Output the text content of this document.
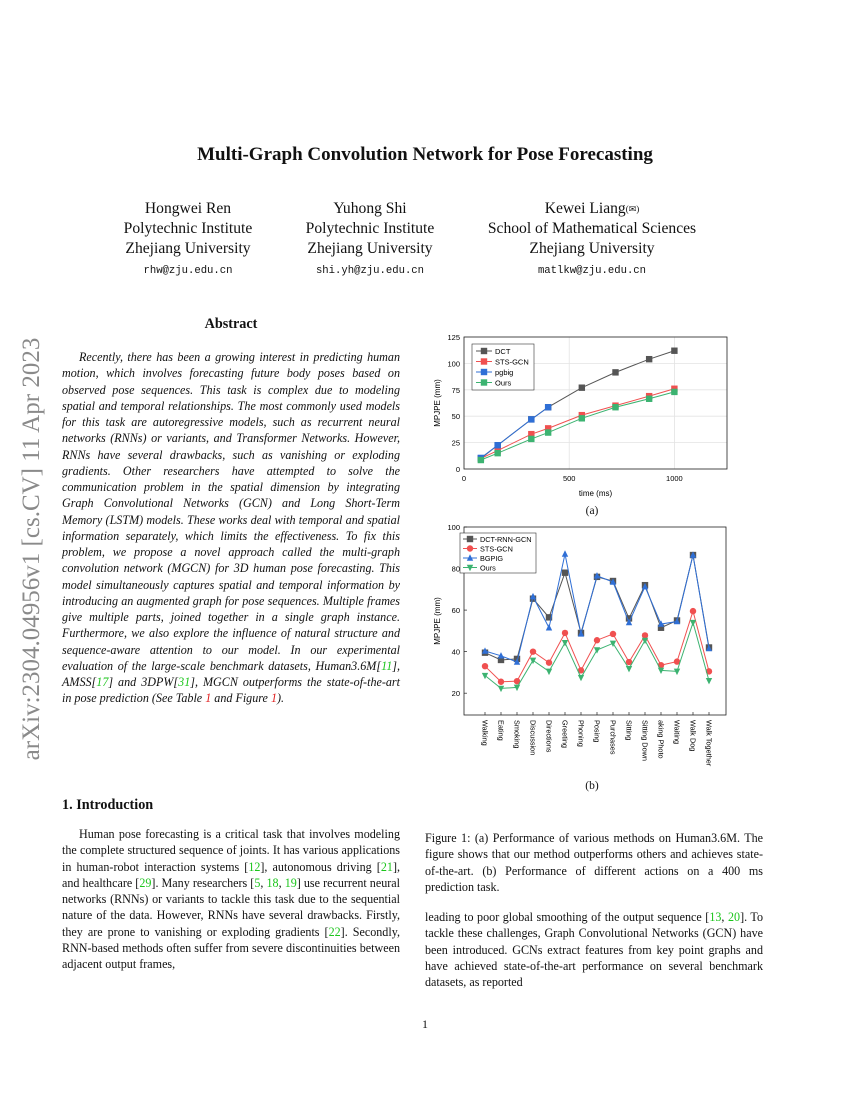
arXiv:2304.04956v1 [cs.CV] 11 Apr 2023
Multi-Graph Convolution Network for Pose Forecasting
Hongwei Ren
Polytechnic Institute
Zhejiang University
rhw@zju.edu.cn
Yuhong Shi
Polytechnic Institute
Zhejiang University
shi.yh@zju.edu.cn
Kewei Liang(✉)
School of Mathematical Sciences
Zhejiang University
matlkw@zju.edu.cn
Abstract

Recently, there has been a growing interest in predicting human motion, which involves forecasting future body poses based on observed pose sequences. This task is complex due to modeling spatial and temporal relationships. The most commonly used models for this task are autoregressive models, such as recurrent neural networks (RNNs) or variants, and Transformer Networks. However, RNNs have several drawbacks, such as vanishing or exploding gradients. Other researchers have attempted to solve the communication problem in the spatial dimension by integrating Graph Convolutional Networks (GCN) and Long Short-Term Memory (LSTM) models. These works deal with temporal and spatial information separately, which limits the effectiveness. To fix this problem, we propose a novel approach called the multi-graph convolution network (MGCN) for 3D human pose forecasting. This model simultaneously captures spatial and temporal information by introducing an augmented graph for pose sequences. Multiple frames give multiple parts, joined together in a single graph instance. Furthermore, we also explore the influence of natural structure and sequence-aware attention to our model. In our experimental evaluation of the large-scale benchmark datasets, Human3.6M[11], AMSS[17] and 3DPW[31], MGCN outperforms the state-of-the-art in pose prediction (See Table 1 and Figure 1).

1. Introduction

Human pose forecasting is a critical task that involves modeling the complete structured sequence of joints. It has various applications in human-robot interaction systems [12], autonomous driving [21], and healthcare [29]. Many researchers [5, 18, 19] use recurrent neural networks (RNNs) or variants to tackle this task due to the sequential nature of the data. However, RNNs have several drawbacks. Firstly, they are prone to vanishing or exploding gradients [22]. Secondly, RNN-based methods often suffer from severe discontinuities between adjacent output frames,

0
25
50
75
100
125
0	500	1000
time (ms)
MPJPE (mm)
DCT
STS-GCN
pgbig
Ours
(a)
20
40
60
80
100
MPJPE (mm)
Walking Eating Smoking Discussion Directions Greeting Phoning Posing Purchases Sitting Sitting Down aking Photo Waiting Walk Dog Walk Together
DCT-RNN-GCN
STS-GCN
BGPIG
Ours
(b)
Figure 1: (a) Performance of various methods on Human3.6M. The figure shows that our method outperforms others and achieves state-of-the-art. (b) Performance of different actions on a 400 ms prediction task.

leading to poor global smoothing of the output sequence [13, 20]. To tackle these challenges, Graph Convolutional Networks (GCN) have been introduced. GCNs extract features from key point graphs and have achieved state-of-the-art performance on several benchmark datasets, as reported

1
